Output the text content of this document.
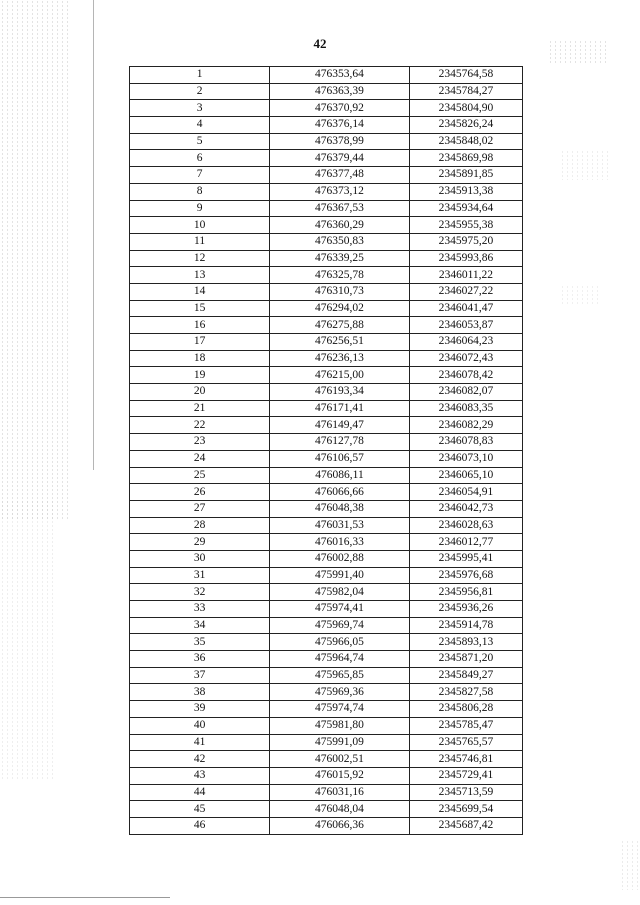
42
1	476353,64	2345764,58
2	476363,39	2345784,27
3	476370,92	2345804,90
4	476376,14	2345826,24
5	476378,99	2345848,02
6	476379,44	2345869,98
7	476377,48	2345891,85
8	476373,12	2345913,38
9	476367,53	2345934,64
10	476360,29	2345955,38
11	476350,83	2345975,20
12	476339,25	2345993,86
13	476325,78	2346011,22
14	476310,73	2346027,22
15	476294,02	2346041,47
16	476275,88	2346053,87
17	476256,51	2346064,23
18	476236,13	2346072,43
19	476215,00	2346078,42
20	476193,34	2346082,07
21	476171,41	2346083,35
22	476149,47	2346082,29
23	476127,78	2346078,83
24	476106,57	2346073,10
25	476086,11	2346065,10
26	476066,66	2346054,91
27	476048,38	2346042,73
28	476031,53	2346028,63
29	476016,33	2346012,77
30	476002,88	2345995,41
31	475991,40	2345976,68
32	475982,04	2345956,81
33	475974,41	2345936,26
34	475969,74	2345914,78
35	475966,05	2345893,13
36	475964,74	2345871,20
37	475965,85	2345849,27
38	475969,36	2345827,58
39	475974,74	2345806,28
40	475981,80	2345785,47
41	475991,09	2345765,57
42	476002,51	2345746,81
43	476015,92	2345729,41
44	476031,16	2345713,59
45	476048,04	2345699,54
46	476066,36	2345687,42
